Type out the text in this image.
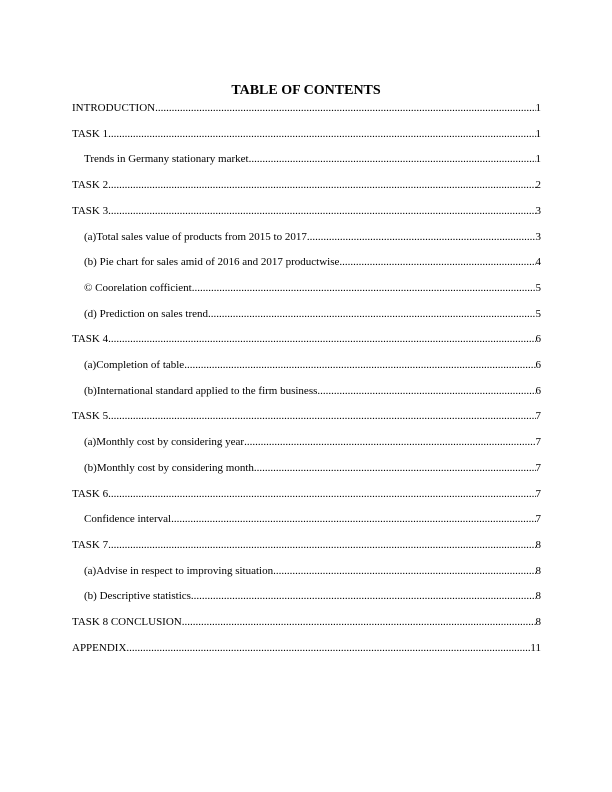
TABLE OF CONTENTS
INTRODUCTION .....	1
TASK 1 .....	1
Trends in Germany stationary market .....	1
TASK 2 .....	2
TASK 3 .....	3
(a)Total sales value of products from 2015 to 2017 .....	3
(b) Pie chart for sales amid of 2016 and 2017 productwise .....	4
© Coorelation cofficient .....	5
(d) Prediction on sales trend .....	5
TASK 4 .....	6
(a)Completion of table .....	6
(b)International standard applied to the firm business .....	6
TASK 5 .....	7
(a)Monthly cost by considering year .....	7
(b)Monthly cost by considering month .....	7
TASK 6 .....	7
Confidence interval .....	7
TASK 7 .....	8
(a)Advise in respect to improving situation .....	8
(b) Descriptive statistics .....	8
TASK 8 CONCLUSION .....	8
APPENDIX .....	11
